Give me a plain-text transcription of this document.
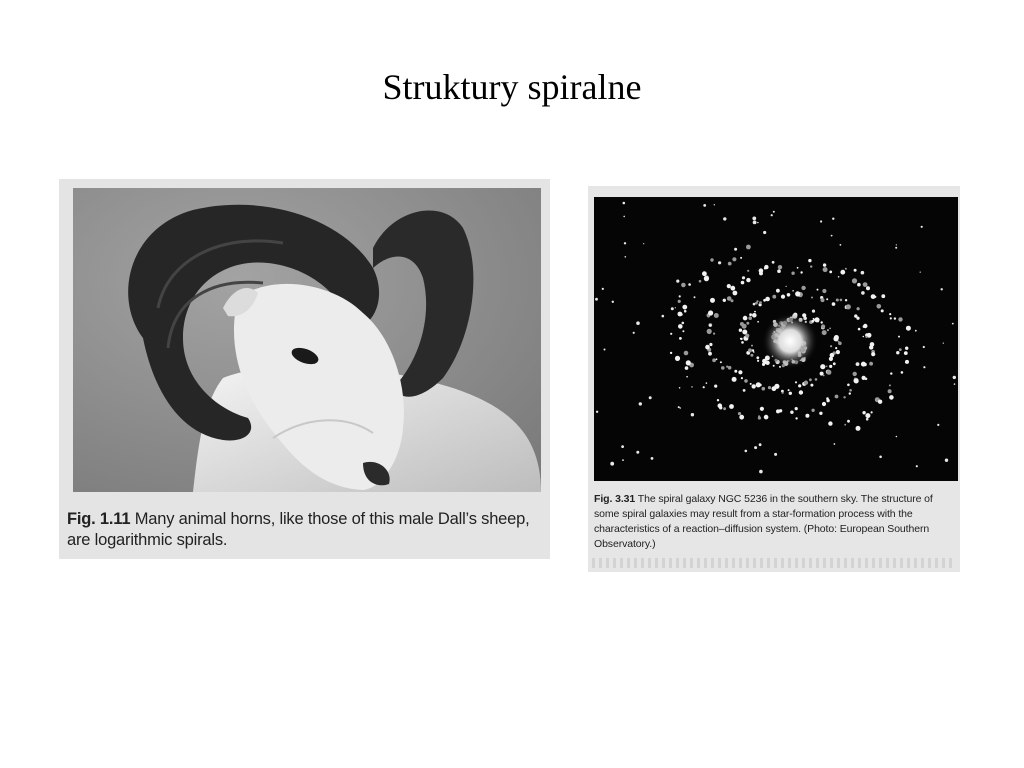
Struktury spiralne
Fig. 1.11 Many animal horns, like those of this male Dall’s sheep, are logarithmic spirals.
Fig. 3.31 The spiral galaxy NGC 5236 in the southern sky. The structure of some spiral galaxies may result from a star-formation process with the characteristics of a reaction–diffusion system. (Photo: European Southern Observatory.)
